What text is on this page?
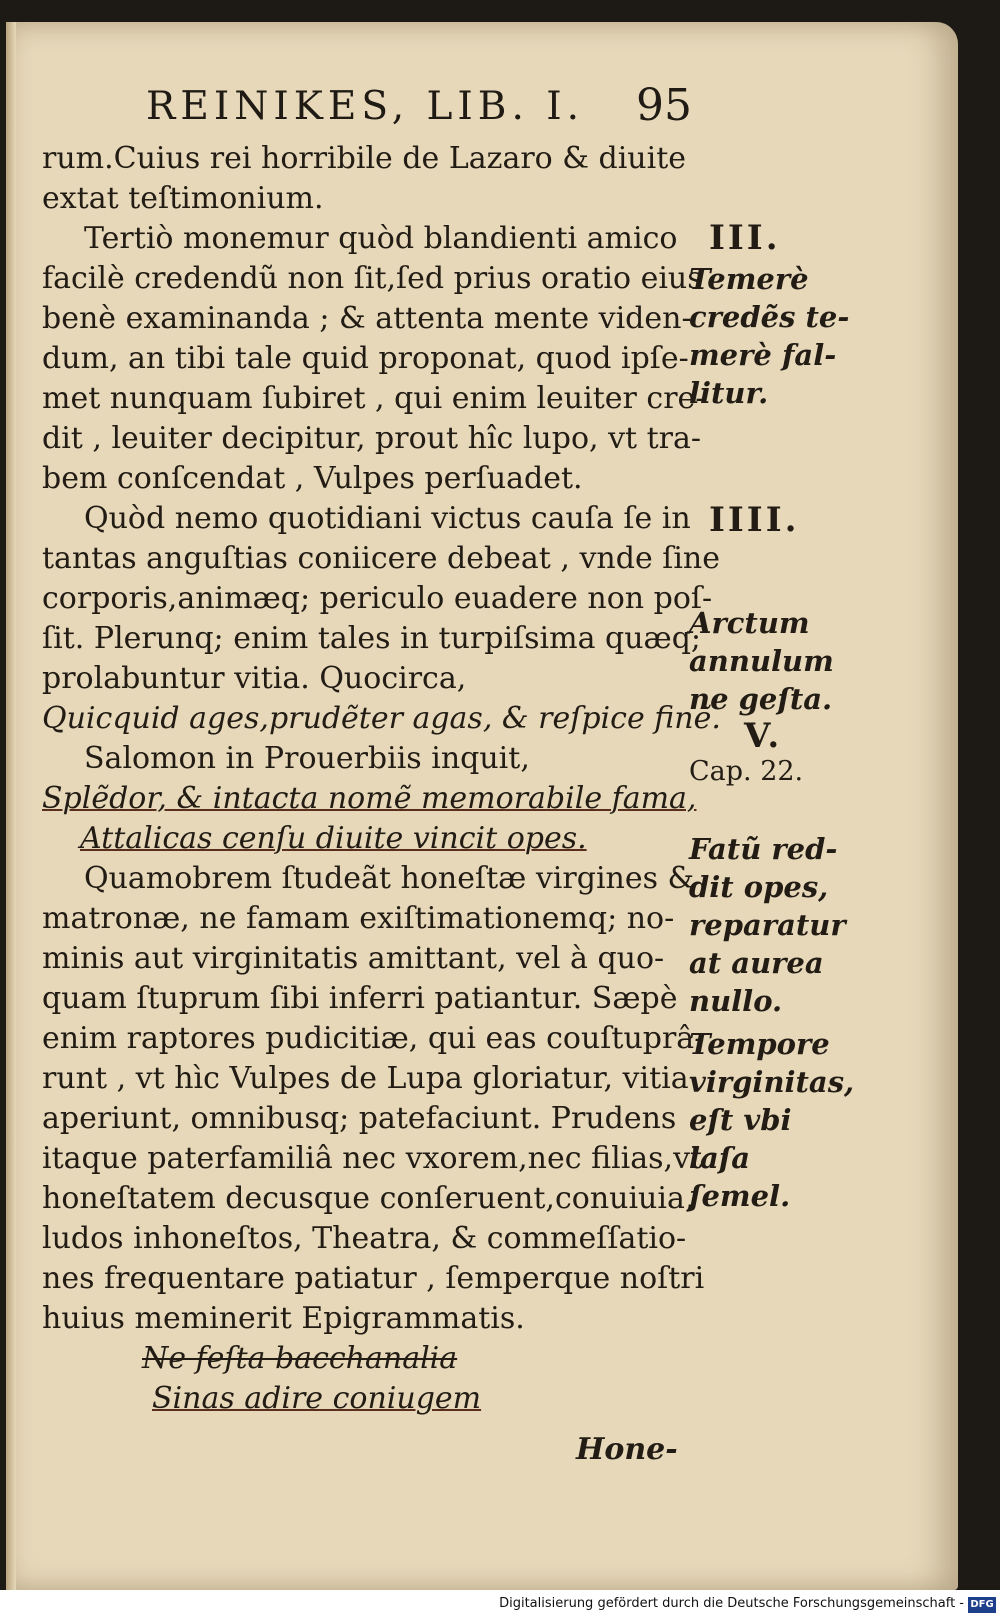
REINIKES, LIB. I. 95
rum.Cuius rei horribile de Lazaro & diuite
extat teſtimonium.
Tertiò monemur quòd blandienti amico
facilè credendũ non ſit,ſed prius oratio eius
benè examinanda ; & attenta mente viden-
dum, an tibi tale quid proponat, quod ipſe-
met nunquam ſubiret , qui enim leuiter cre-
dit , leuiter decipitur, prout hîc lupo, vt tra-
bem conſcendat , Vulpes perſuadet.
Quòd nemo quotidiani victus cauſa ſe in
tantas anguſtias coniicere debeat , vnde ſine
corporis,animæq; periculo euadere non poſ-
ſit. Plerunq; enim tales in turpiſsima quæq;
prolabuntur vitia. Quocirca,
Quicquid ages,prudẽter agas, & reſpice finẽ.
Salomon in Prouerbiis inquit,
Splẽdor, & intacta nomẽ memorabile fama,
Attalicas cenſu diuite vincit opes.
Quamobrem ſtudeãt honeſtæ virgines &
matronæ, ne famam exiſtimationemq; no-
minis aut virginitatis amittant, vel à quo-
quam ſtuprum ſibi inferri patiantur. Sæpè
enim raptores pudicitiæ, qui eas couſtuprâ-
runt , vt hìc Vulpes de Lupa gloriatur, vitia
aperiunt, omnibusq; patefaciunt. Prudens
itaque paterfamiliâ nec vxorem,nec filias,vt
honeſtatem decusque conſeruent,conuiuia,
ludos inhoneſtos, Theatra, & commeſſatio-
nes frequentare patiatur , ſemperque noſtri
huius meminerit Epigrammatis.
Ne feſta bacchanalia
Sinas adire coniugem
III.
Temerè credẽs te- merè fal- litur.
IIII.
Arctum annulum ne geſta.
V.
Cap. 22.
Fatũ red- dit opes, reparatur at aurea nullo.
Tempore virginitas, eſt vbi laſa ſemel.
Hone-
Digitalisierung gefördert durch die Deutsche Forschungsgemeinschaft - DFG
